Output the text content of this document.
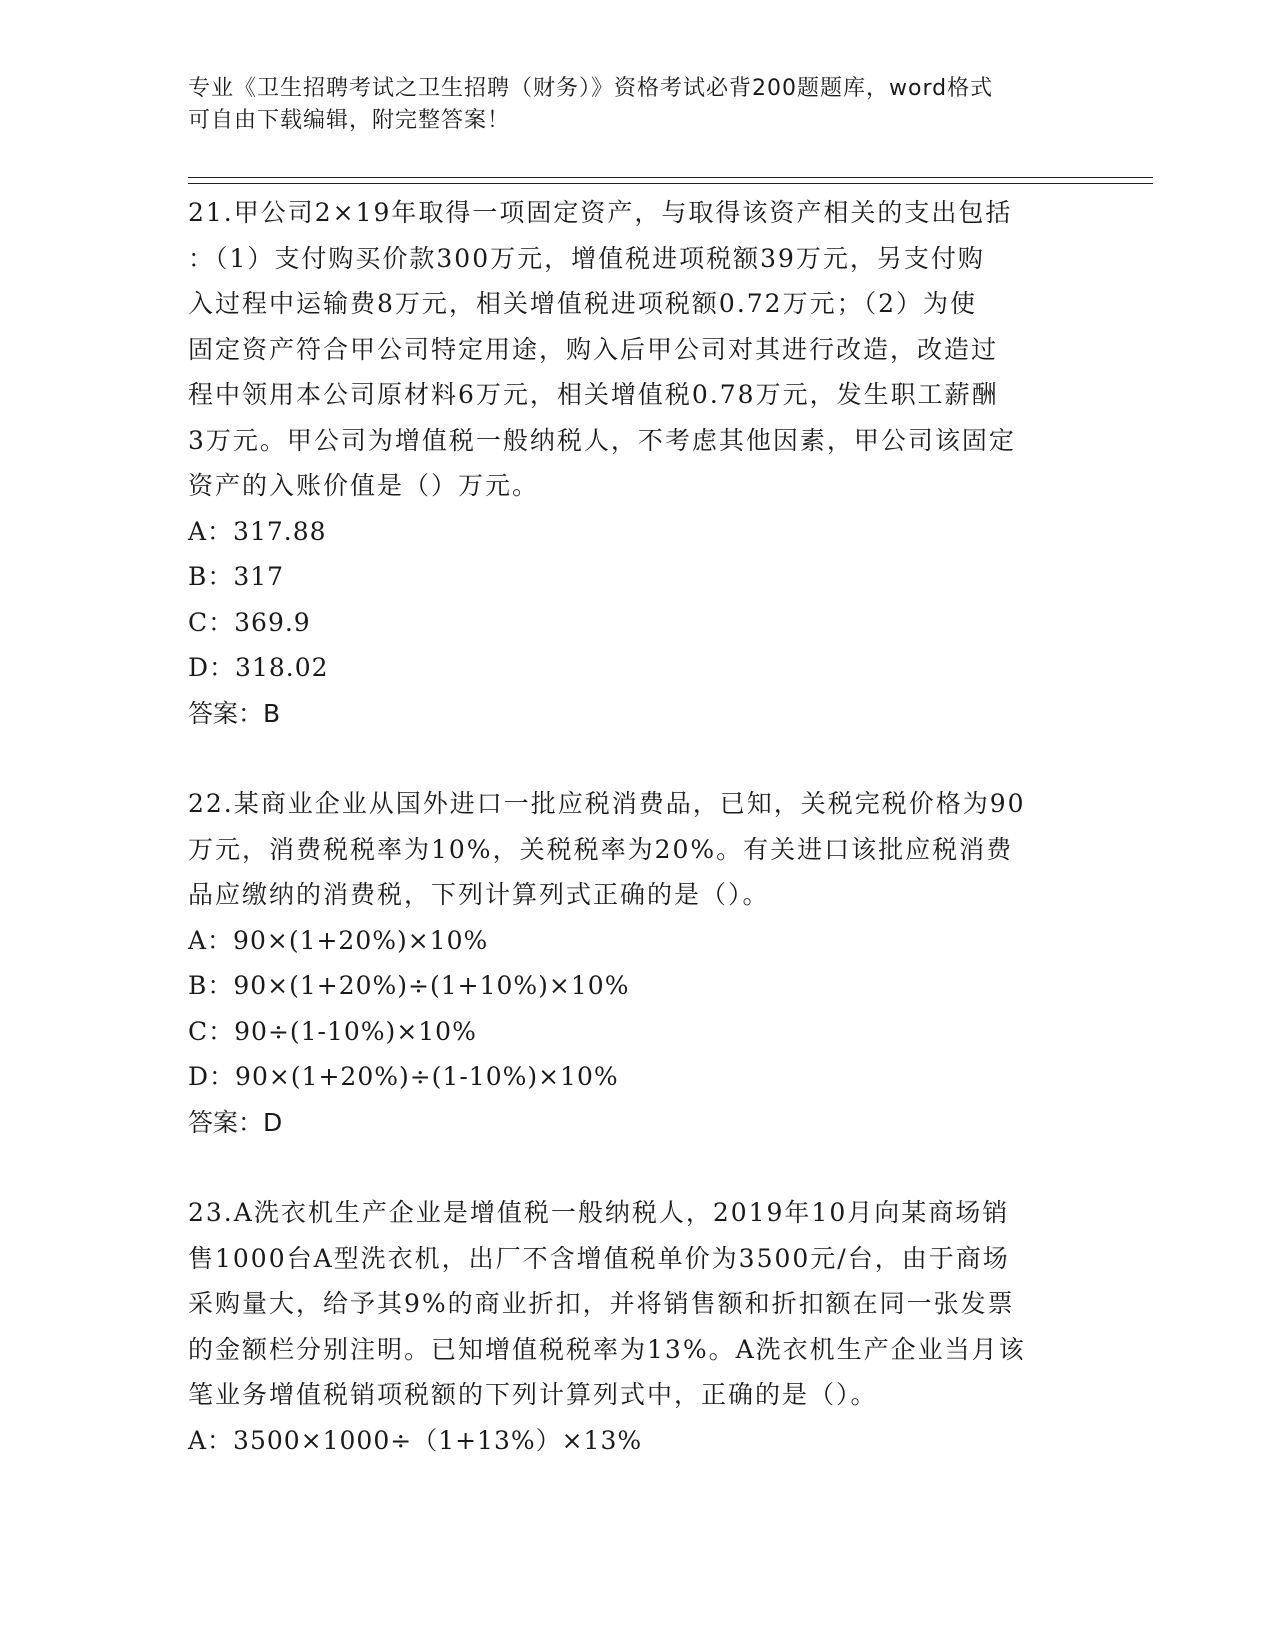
专业《卫生招聘考试之卫生招聘（财务）》资格考试必背200题题库，word格式
可自由下载编辑，附完整答案！
21.甲公司2×19年取得一项固定资产，与取得该资产相关的支出包括
：（1）支付购买价款300万元，增值税进项税额39万元，另支付购
入过程中运输费8万元，相关增值税进项税额0.72万元；（2）为使
固定资产符合甲公司特定用途，购入后甲公司对其进行改造，改造过
程中领用本公司原材料6万元，相关增值税0.78万元，发生职工薪酬
3万元。甲公司为增值税一般纳税人，不考虑其他因素，甲公司该固定
资产的入账价值是（）万元。
A：317.88
B：317
C：369.9
D：318.02
答案：B
22.某商业企业从国外进口一批应税消费品，已知，关税完税价格为90
万元，消费税税率为10%，关税税率为20%。有关进口该批应税消费
品应缴纳的消费税，下列计算列式正确的是（）。
A：90×(1+20%)×10%
B：90×(1+20%)÷(1+10%)×10%
C：90÷(1-10%)×10%
D：90×(1+20%)÷(1-10%)×10%
答案：D
23.A洗衣机生产企业是增值税一般纳税人，2019年10月向某商场销
售1000台A型洗衣机，出厂不含增值税单价为3500元/台，由于商场
采购量大，给予其9%的商业折扣，并将销售额和折扣额在同一张发票
的金额栏分别注明。已知增值税税率为13%。A洗衣机生产企业当月该
笔业务增值税销项税额的下列计算列式中，正确的是（）。
A：3500×1000÷（1+13%）×13%
